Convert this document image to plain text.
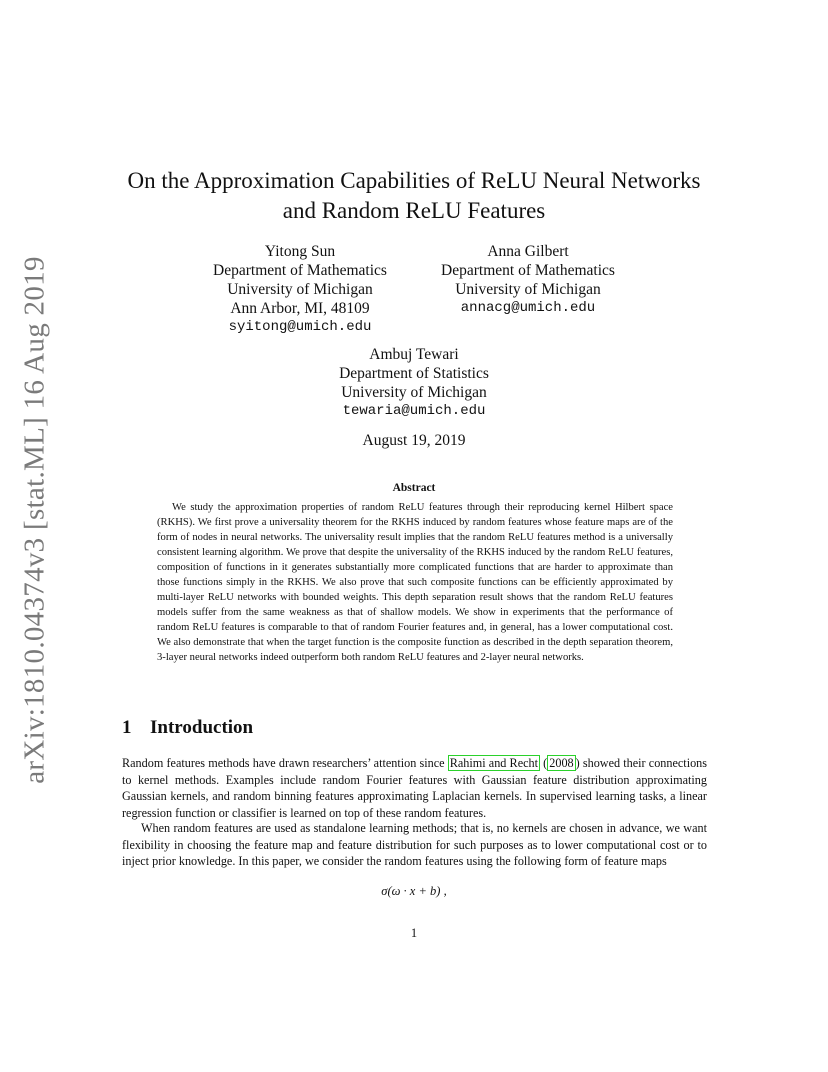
arXiv:1810.04374v3 [stat.ML] 16 Aug 2019
On the Approximation Capabilities of ReLU Neural Networks
and Random ReLU Features
Yitong Sun
Department of Mathematics
University of Michigan
Ann Arbor, MI, 48109
syitong@umich.edu
Anna Gilbert
Department of Mathematics
University of Michigan
annacg@umich.edu
Ambuj Tewari
Department of Statistics
University of Michigan
tewaria@umich.edu
August 19, 2019
Abstract
We study the approximation properties of random ReLU features through their reproducing kernel Hilbert space (RKHS). We first prove a universality theorem for the RKHS induced by random features whose feature maps are of the form of nodes in neural networks. The universality result implies that the random ReLU features method is a universally consistent learning algorithm. We prove that despite the universality of the RKHS induced by the random ReLU features, composition of functions in it generates substantially more complicated functions that are harder to approximate than those functions simply in the RKHS. We also prove that such composite functions can be efficiently approximated by multi-layer ReLU networks with bounded weights. This depth separation result shows that the random ReLU features models suffer from the same weakness as that of shallow models. We show in experiments that the performance of random ReLU features is comparable to that of random Fourier features and, in general, has a lower computational cost. We also demonstrate that when the target function is the composite function as described in the depth separation theorem, 3-layer neural networks indeed outperform both random ReLU features and 2-layer neural networks.
1 Introduction
Random features methods have drawn researchers’ attention since Rahimi and Recht ( 2008 ) showed their connections to kernel methods. Examples include random Fourier features with Gaussian feature distribution approximating Gaussian kernels, and random binning features approximating Laplacian kernels. In supervised learning tasks, a linear regression function or classifier is learned on top of these random features.
When random features are used as standalone learning methods; that is, no kernels are chosen in advance, we want flexibility in choosing the feature map and feature distribution for such purposes as to lower computational cost or to inject prior knowledge. In this paper, we consider the random features using the following form of feature maps
σ(ω · x + b) ,
1
